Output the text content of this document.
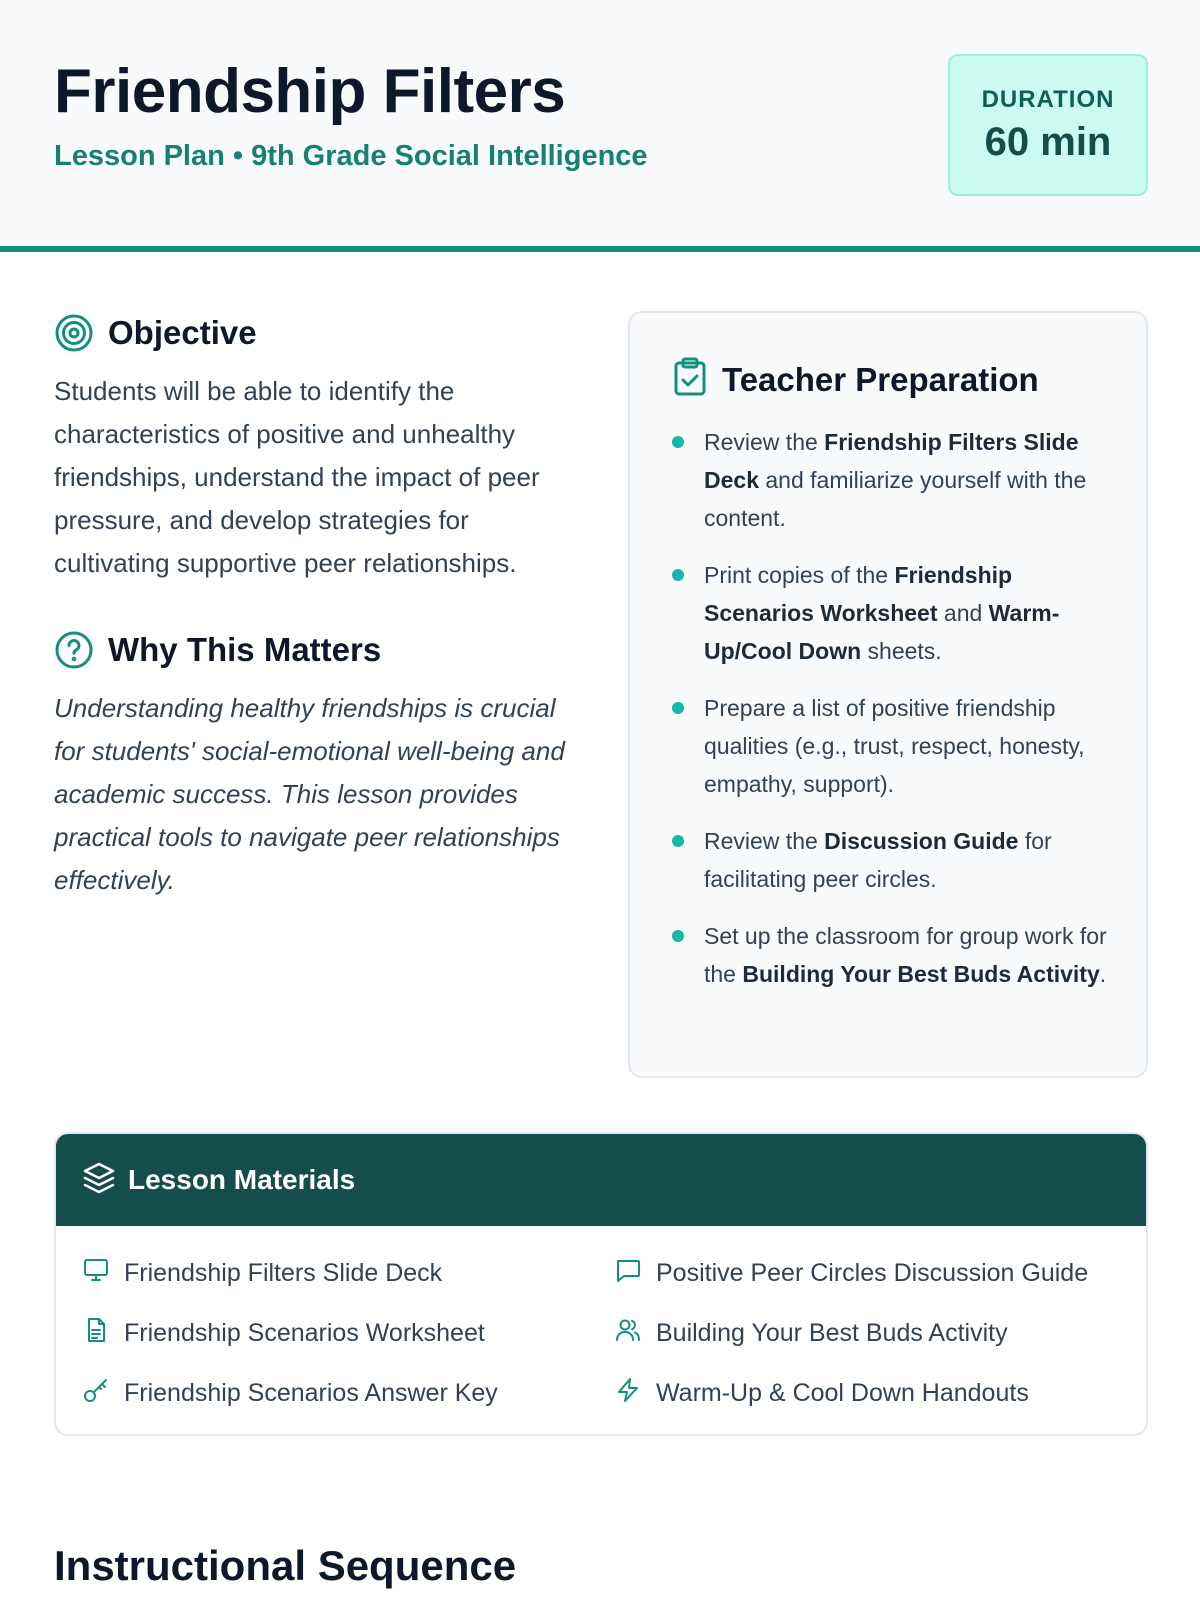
Friendship Filters
Lesson Plan • 9th Grade Social Intelligence
DURATION
60 min
Objective

Students will be able to identify the characteristics of positive and unhealthy friendships, understand the impact of peer pressure, and develop strategies for cultivating supportive peer relationships.

Why This Matters

Understanding healthy friendships is crucial for students' social-emotional well-being and academic success. This lesson provides practical tools to navigate peer relationships effectively.

Teacher Preparation
Review the Friendship Filters Slide Deck and familiarize yourself with the content.
Print copies of the Friendship Scenarios Worksheet and Warm-Up/Cool Down sheets.
Prepare a list of positive friendship qualities (e.g., trust, respect, honesty, empathy, support).
Review the Discussion Guide for facilitating peer circles.
Set up the classroom for group work for the Building Your Best Buds Activity.
Lesson Materials
Friendship Filters Slide Deck	Positive Peer Circles Discussion Guide
Friendship Scenarios Worksheet	Building Your Best Buds Activity
Friendship Scenarios Answer Key	Warm-Up & Cool Down Handouts
Instructional Sequence
